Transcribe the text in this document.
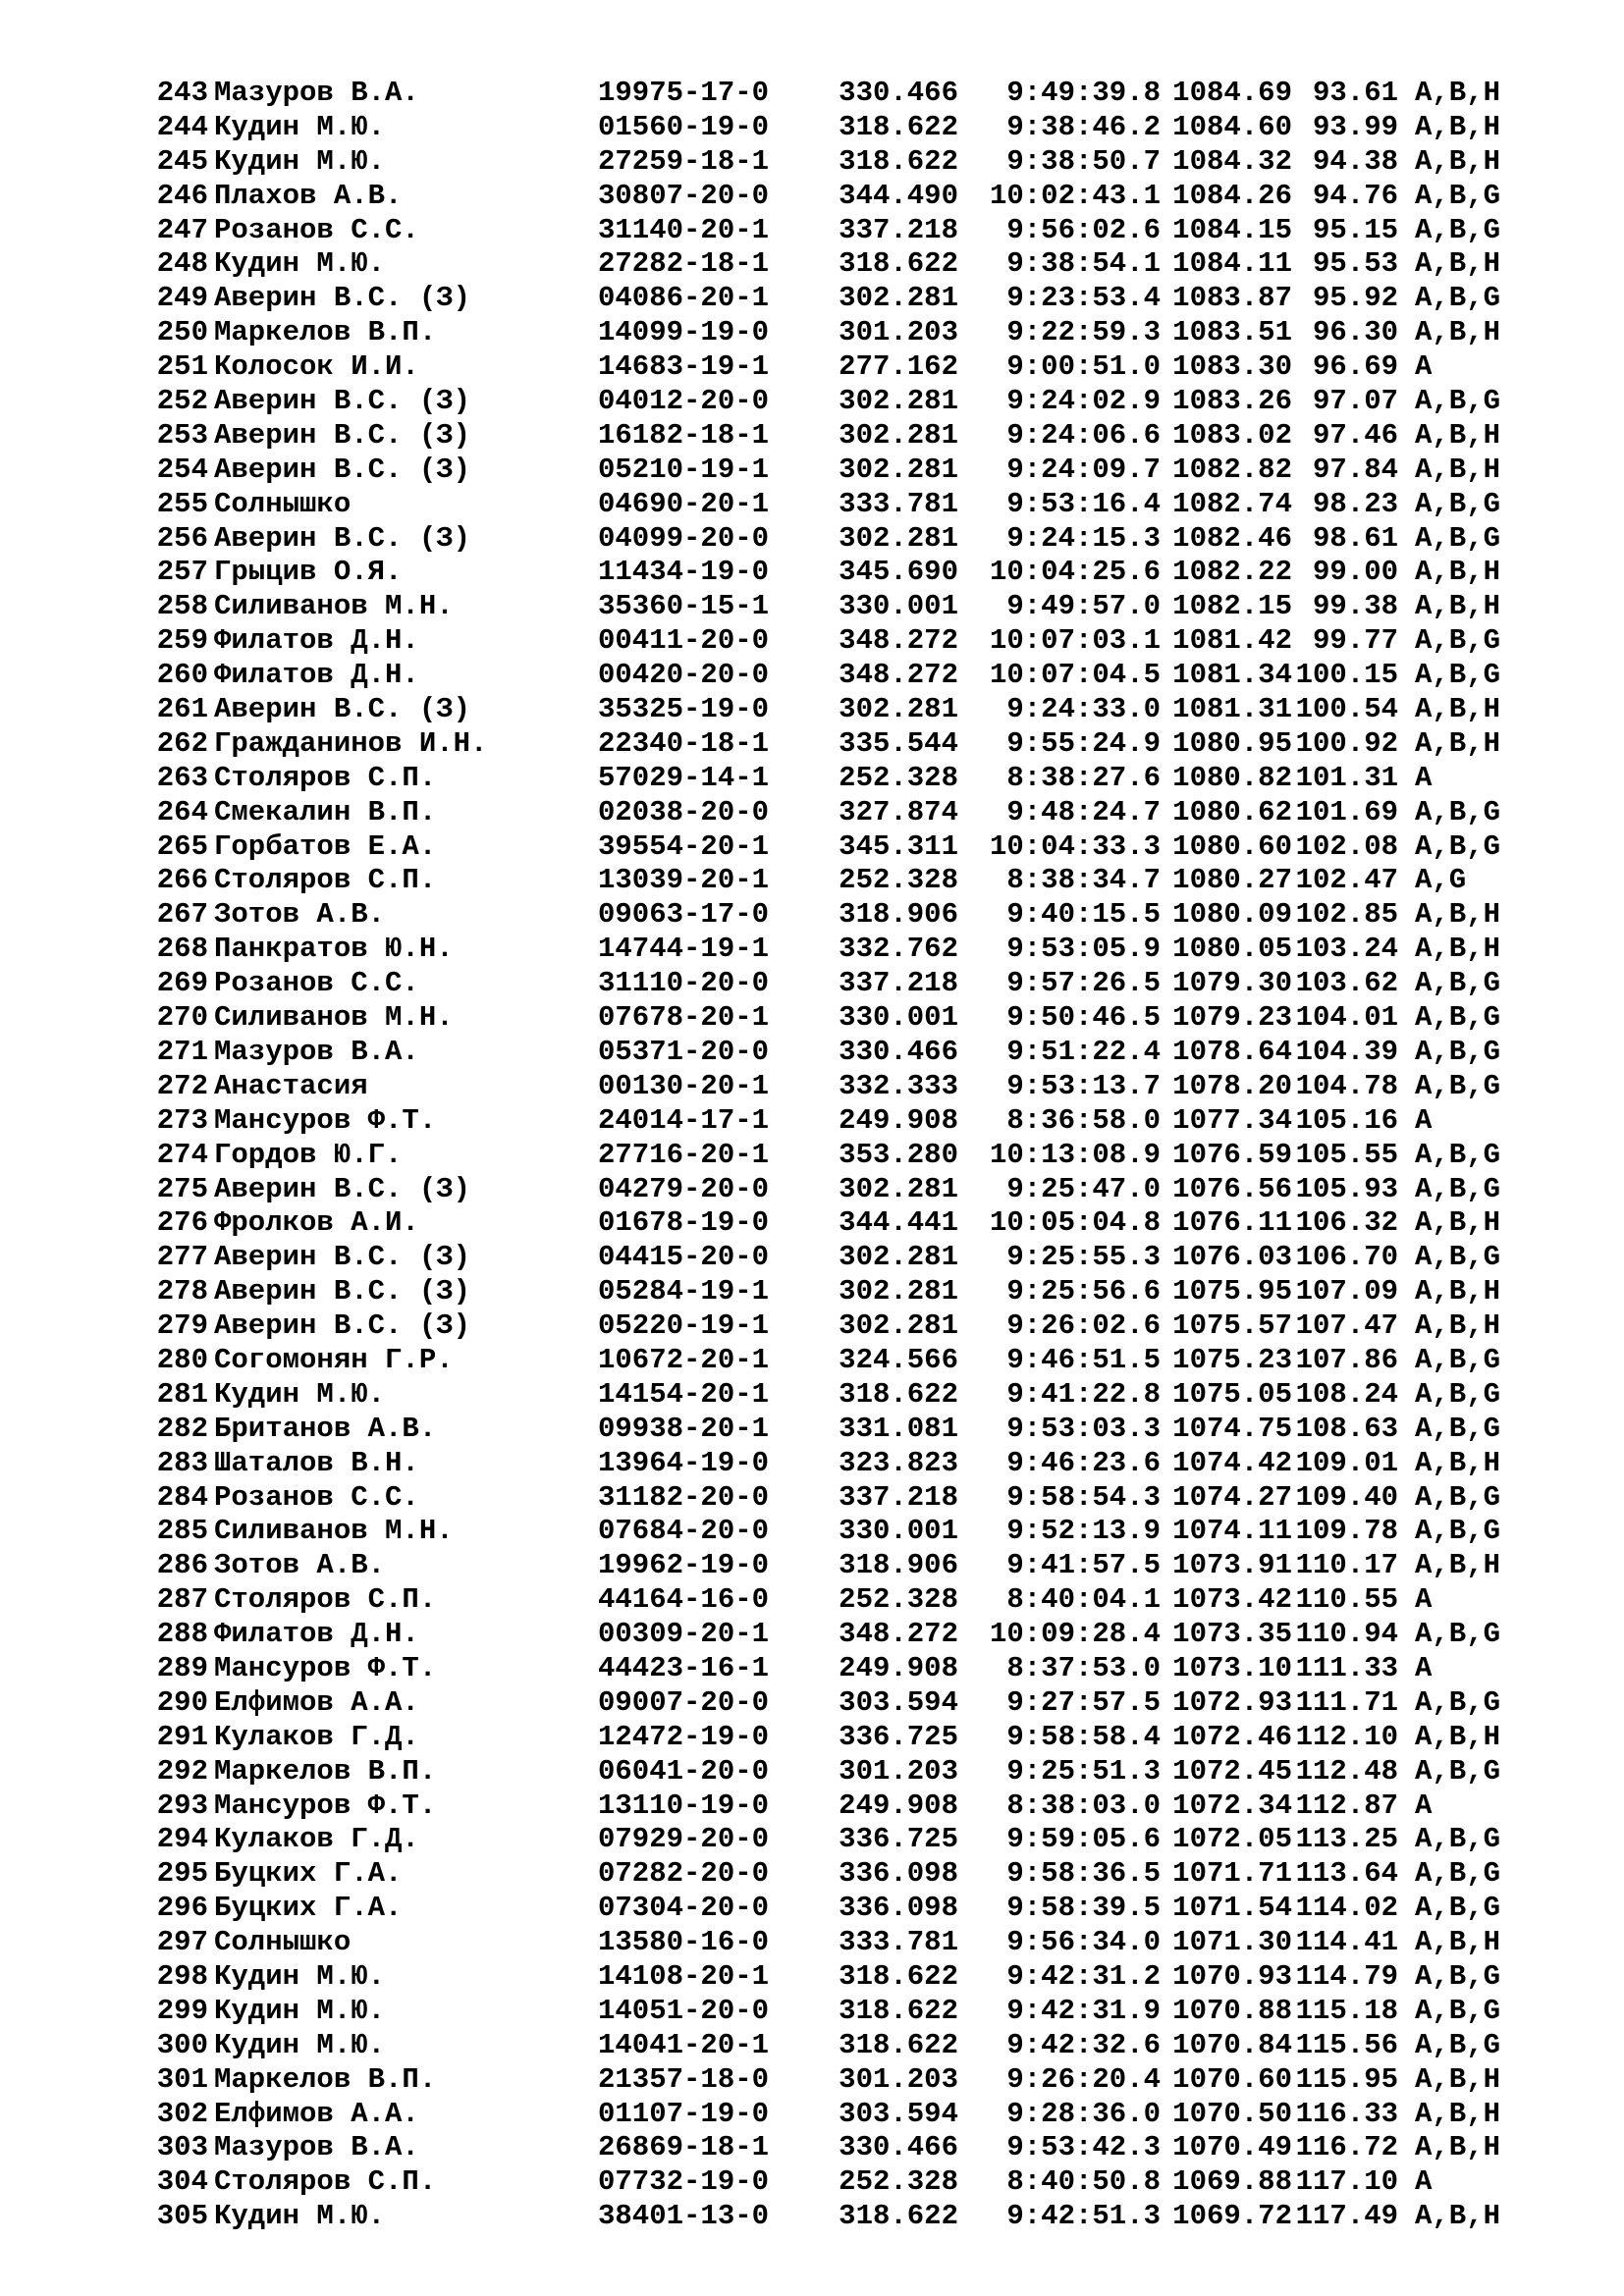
243 Мазуров В.А.	19975-17-0 330.466	9:49:39.8 1084.69 93.61 A,B,H
244 Кудин М.Ю.	01560-19-0 318.622	9:38:46.2 1084.60 93.99 A,B,H
245 Кудин М.Ю.	27259-18-1 318.622	9:38:50.7 1084.32 94.38 A,B,H
246 Плахов А.В.	30807-20-0 344.490	10:02:43.1 1084.26 94.76 A,B,G
247 Розанов С.С.	31140-20-1 337.218	9:56:02.6 1084.15 95.15 A,B,G
248 Кудин М.Ю.	27282-18-1 318.622	9:38:54.1 1084.11 95.53 A,B,H
249 Аверин В.С. (З)	04086-20-1 302.281	9:23:53.4 1083.87 95.92 A,B,G
250 Маркелов В.П.	14099-19-0 301.203	9:22:59.3 1083.51 96.30 A,B,H
251 Колосок И.И.	14683-19-1 277.162	9:00:51.0 1083.30 96.69 A
252 Аверин В.С. (З)	04012-20-0 302.281	9:24:02.9 1083.26 97.07 A,B,G
253 Аверин В.С. (З)	16182-18-1 302.281	9:24:06.6 1083.02 97.46 A,B,H
254 Аверин В.С. (З)	05210-19-1 302.281	9:24:09.7 1082.82 97.84 A,B,H
255 Солнышко	04690-20-1 333.781	9:53:16.4 1082.74 98.23 A,B,G
256 Аверин В.С. (З)	04099-20-0 302.281	9:24:15.3 1082.46 98.61 A,B,G
257 Грыцив О.Я.	11434-19-0 345.690	10:04:25.6 1082.22 99.00 A,B,H
258 Силиванов М.Н.	35360-15-1 330.001	9:49:57.0 1082.15 99.38 A,B,H
259 Филатов Д.Н.	00411-20-0 348.272	10:07:03.1 1081.42 99.77 A,B,G
260 Филатов Д.Н.	00420-20-0 348.272	10:07:04.5 1081.34 100.15 A,B,G
261 Аверин В.С. (З)	35325-19-0 302.281	9:24:33.0 1081.31 100.54 A,B,H
262 Гражданинов И.Н.	22340-18-1 335.544	9:55:24.9 1080.95 100.92 A,B,H
263 Столяров С.П.	57029-14-1 252.328	8:38:27.6 1080.82 101.31 A
264 Смекалин В.П.	02038-20-0 327.874	9:48:24.7 1080.62 101.69 A,B,G
265 Горбатов Е.А.	39554-20-1 345.311	10:04:33.3 1080.60 102.08 A,B,G
266 Столяров С.П.	13039-20-1 252.328	8:38:34.7 1080.27 102.47 A,G
267 Зотов А.В.	09063-17-0 318.906	9:40:15.5 1080.09 102.85 A,B,H
268 Панкратов Ю.Н.	14744-19-1 332.762	9:53:05.9 1080.05 103.24 A,B,H
269 Розанов С.С.	31110-20-0 337.218	9:57:26.5 1079.30 103.62 A,B,G
270 Силиванов М.Н.	07678-20-1 330.001	9:50:46.5 1079.23 104.01 A,B,G
271 Мазуров В.А.	05371-20-0 330.466	9:51:22.4 1078.64 104.39 A,B,G
272 Анастасия	00130-20-1 332.333	9:53:13.7 1078.20 104.78 A,B,G
273 Мансуров Ф.Т.	24014-17-1 249.908	8:36:58.0 1077.34 105.16 A
274 Гордов Ю.Г.	27716-20-1 353.280	10:13:08.9 1076.59 105.55 A,B,G
275 Аверин В.С. (З)	04279-20-0 302.281	9:25:47.0 1076.56 105.93 A,B,G
276 Фролков А.И.	01678-19-0 344.441	10:05:04.8 1076.11 106.32 A,B,H
277 Аверин В.С. (З)	04415-20-0 302.281	9:25:55.3 1076.03 106.70 A,B,G
278 Аверин В.С. (З)	05284-19-1 302.281	9:25:56.6 1075.95 107.09 A,B,H
279 Аверин В.С. (З)	05220-19-1 302.281	9:26:02.6 1075.57 107.47 A,B,H
280 Согомонян Г.Р.	10672-20-1 324.566	9:46:51.5 1075.23 107.86 A,B,G
281 Кудин М.Ю.	14154-20-1 318.622	9:41:22.8 1075.05 108.24 A,B,G
282 Британов А.В.	09938-20-1 331.081	9:53:03.3 1074.75 108.63 A,B,G
283 Шаталов В.Н.	13964-19-0 323.823	9:46:23.6 1074.42 109.01 A,B,H
284 Розанов С.С.	31182-20-0 337.218	9:58:54.3 1074.27 109.40 A,B,G
285 Силиванов М.Н.	07684-20-0 330.001	9:52:13.9 1074.11 109.78 A,B,G
286 Зотов А.В.	19962-19-0 318.906	9:41:57.5 1073.91 110.17 A,B,H
287 Столяров С.П.	44164-16-0 252.328	8:40:04.1 1073.42 110.55 A
288 Филатов Д.Н.	00309-20-1 348.272	10:09:28.4 1073.35 110.94 A,B,G
289 Мансуров Ф.Т.	44423-16-1 249.908	8:37:53.0 1073.10 111.33 A
290 Елфимов А.А.	09007-20-0 303.594	9:27:57.5 1072.93 111.71 A,B,G
291 Кулаков Г.Д.	12472-19-0 336.725	9:58:58.4 1072.46 112.10 A,B,H
292 Маркелов В.П.	06041-20-0 301.203	9:25:51.3 1072.45 112.48 A,B,G
293 Мансуров Ф.Т.	13110-19-0 249.908	8:38:03.0 1072.34 112.87 A
294 Кулаков Г.Д.	07929-20-0 336.725	9:59:05.6 1072.05 113.25 A,B,G
295 Буцких Г.А.	07282-20-0 336.098	9:58:36.5 1071.71 113.64 A,B,G
296 Буцких Г.А.	07304-20-0 336.098	9:58:39.5 1071.54 114.02 A,B,G
297 Солнышко	13580-16-0 333.781	9:56:34.0 1071.30 114.41 A,B,H
298 Кудин М.Ю.	14108-20-1 318.622	9:42:31.2 1070.93 114.79 A,B,G
299 Кудин М.Ю.	14051-20-0 318.622	9:42:31.9 1070.88 115.18 A,B,G
300 Кудин М.Ю.	14041-20-1 318.622	9:42:32.6 1070.84 115.56 A,B,G
301 Маркелов В.П.	21357-18-0 301.203	9:26:20.4 1070.60 115.95 A,B,H
302 Елфимов А.А.	01107-19-0 303.594	9:28:36.0 1070.50 116.33 A,B,H
303 Мазуров В.А.	26869-18-1 330.466	9:53:42.3 1070.49 116.72 A,B,H
304 Столяров С.П.	07732-19-0 252.328	8:40:50.8 1069.88 117.10 A
305 Кудин М.Ю.	38401-13-0 318.622	9:42:51.3 1069.72 117.49 A,B,H
